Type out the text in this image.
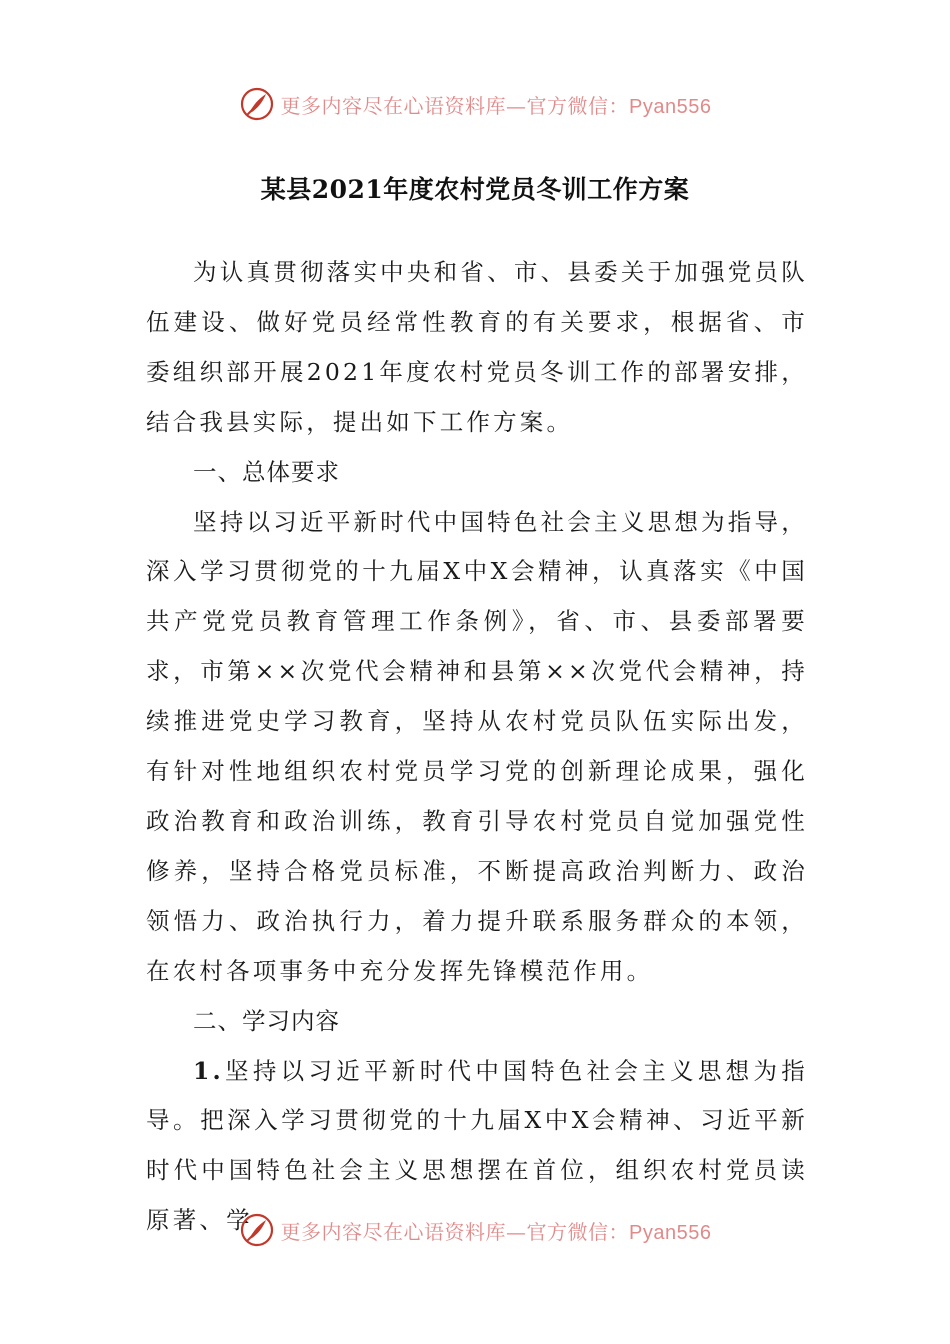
更多内容尽在心语资料库—官方微信：Pyan556
某县2021年度农村党员冬训工作方案

为认真贯彻落实中央和省、市、县委关于加强党员队伍建设、做好党员经常性教育的有关要求，根据省、市委组织部开展2021年度农村党员冬训工作的部署安排，结合我县实际，提出如下工作方案。

一、总体要求

坚持以习近平新时代中国特色社会主义思想为指导，深入学习贯彻党的十九届X中X会精神，认真落实《中国共产党党员教育管理工作条例》，省、市、县委部署要求，市第××次党代会精神和县第××次党代会精神，持续推进党史学习教育，坚持从农村党员队伍实际出发，有针对性地组织农村党员学习党的创新理论成果，强化政治教育和政治训练，教育引导农村党员自觉加强党性修养，坚持合格党员标准，不断提高政治判断力、政治领悟力、政治执行力，着力提升联系服务群众的本领，在农村各项事务中充分发挥先锋模范作用。

二、学习内容

1.坚持以习近平新时代中国特色社会主义思想为指导。把深入学习贯彻党的十九届X中X会精神、习近平新时代中国特色社会主义思想摆在首位，组织农村党员读原著、学	更多内容尽在心语资料库—官方微信：Pyan556
